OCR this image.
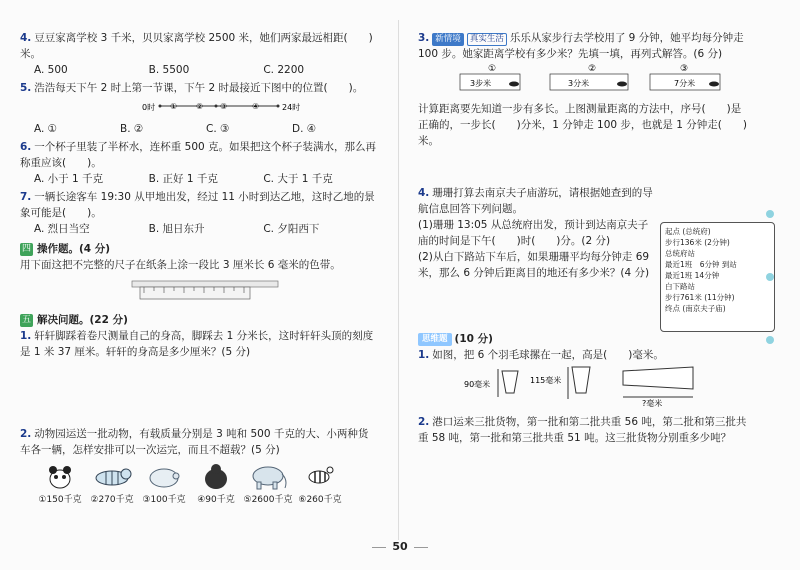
4. 豆豆家离学校 3 千米，贝贝家离学校 2500 米，她们两家最远相距(　　)米。
A. 500	B. 5500	C. 2200
5. 浩浩每天下午 2 时上第一节课，下午 2 时最接近下图中的位置(　　)。
0时 ① ② ③	④	24时
A. ①	B. ②	C. ③	D. ④
6. 一个杯子里装了半杯水，连杯重 500 克。如果把这个杯子装满水，那么再称重应该(　　)。
A. 小于 1 千克	B. 正好 1 千克	C. 大于 1 千克
7. 一辆长途客车 19:30 从甲地出发，经过 11 小时到达乙地，这时乙地的景象可能是(　　)。
A. 烈日当空	B. 旭日东升	C. 夕阳西下
四 操作题。(4 分)
用下面这把不完整的尺子在纸条上涂一段比 3 厘米长 6 毫米的色带。
五 解决问题。(22 分)
1. 轩轩脚踩着卷尺测量自己的身高，脚踩去 1 分米长，这时轩轩头顶的刻度是 1 米 37 厘米。轩轩的身高是多少厘米？(5 分)
2. 动物园运送一批动物，有载质量分别是 3 吨和 500 千克的大、小两种货车各一辆，怎样安排可以一次运完，而且不超载？(5 分)
①150千克 ②270千克 ③100千克	④90千克 ⑤2600千克 ⑥260千克
3. 新情境 真实生活 乐乐从家步行去学校用了 9 分钟，她平均每分钟走 100 步。她家距离学校有多少米？先填一填，再列式解答。(6 分)
①
3步米
②
3分米
③
7分米
计算距离要先知道一步有多长。上图测量距离的方法中，序号(　　)是正确的，一步长(　　)分米，1 分钟走 100 步，也就是 1 分钟走(　　)米。
4. 珊珊打算去南京夫子庙游玩，请根据她查到的导航信息回答下列问题。
(1)珊珊 13:05 从总统府出发，预计到达南京夫子庙的时间是下午(　　)时(　　)分。(2 分)
(2)从白下路站下车后，如果珊珊平均每分钟走 69 米，那么 6 分钟后距离目的地还有多少米？(4 分)
思维题 (10 分)
1. 如图，把 6 个羽毛球摞在一起，高是(　　)毫米。
90毫米	115毫米
?毫米
2. 港口运来三批货物，第一批和第二批共重 56 吨，第二批和第三批共重 58 吨，第一批和第三批共重 51 吨。这三批货物分别重多少吨？
起点 (总统府)
步行136米 (2分钟)
总统府站
最近1班　6分钟 到站
最近1班 14分钟
白下路站
步行761米 (11分钟)
终点 (南京夫子庙)
50
